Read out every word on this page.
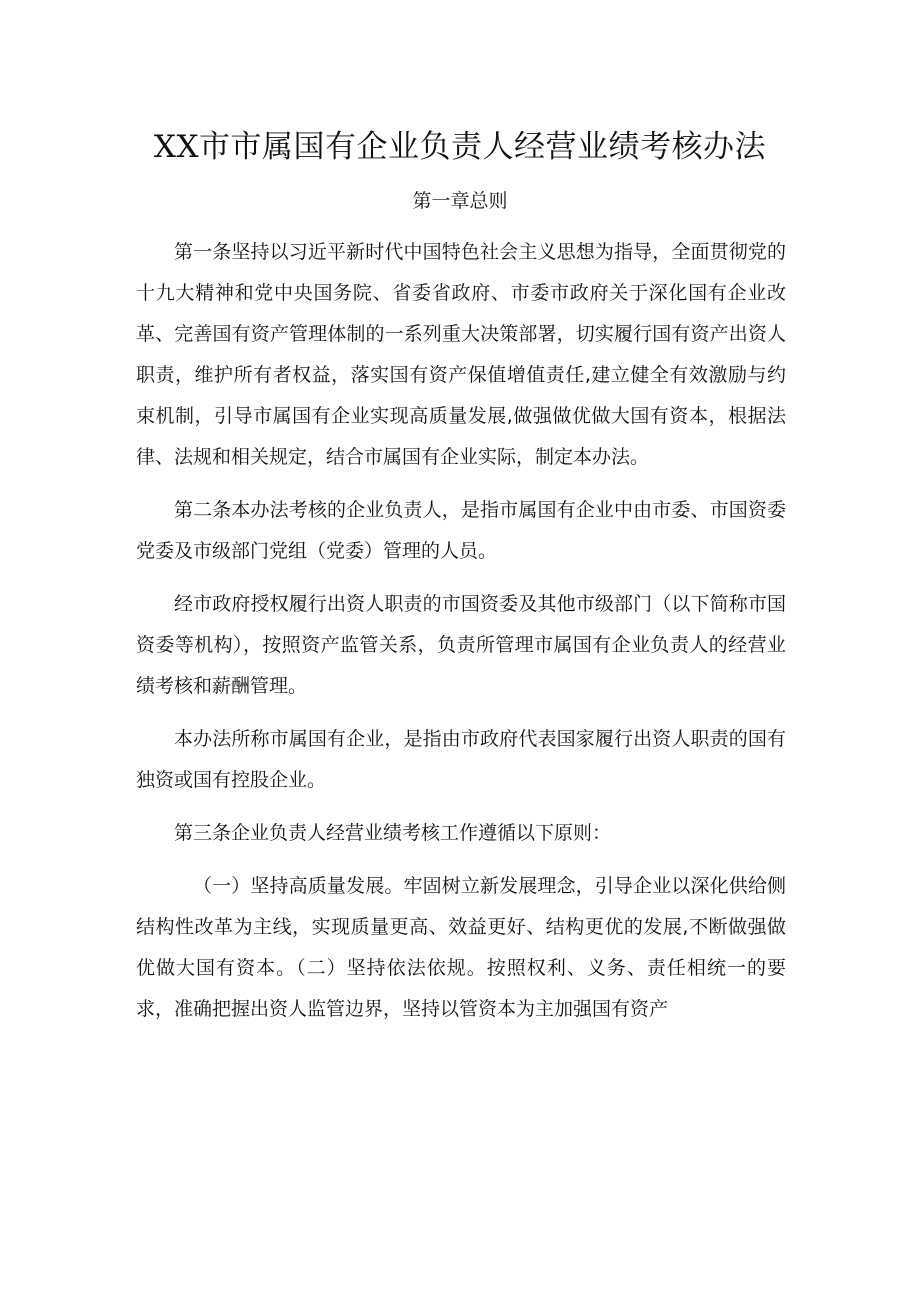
XX市市属国有企业负责人经营业绩考核办法
第一章总则

第一条坚持以习近平新时代中国特色社会主义思想为指导，全面贯彻党的十九大精神和党中央国务院、省委省政府、市委市政府关于深化国有企业改革、完善国有资产管理体制的一系列重大决策部署，切实履行国有资产出资人职责，维护所有者权益，落实国有资产保值增值责任,建立健全有效激励与约束机制，引导市属国有企业实现高质量发展,做强做优做大国有资本，根据法律、法规和相关规定，结合市属国有企业实际，制定本办法。

第二条本办法考核的企业负责人，是指市属国有企业中由市委、市国资委党委及市级部门党组（党委）管理的人员。

经市政府授权履行出资人职责的市国资委及其他市级部门（以下简称市国资委等机构），按照资产监管关系，负责所管理市属国有企业负责人的经营业绩考核和薪酬管理。

本办法所称市属国有企业，是指由市政府代表国家履行出资人职责的国有独资或国有控股企业。

第三条企业负责人经营业绩考核工作遵循以下原则：

（一）坚持高质量发展。牢固树立新发展理念，引导企业以深化供给侧结构性改革为主线，实现质量更高、效益更好、结构更优的发展,不断做强做优做大国有资本。（二）坚持依法依规。按照权利、义务、责任相统一的要求，准确把握出资人监管边界，坚持以管资本为主加强国有资产
